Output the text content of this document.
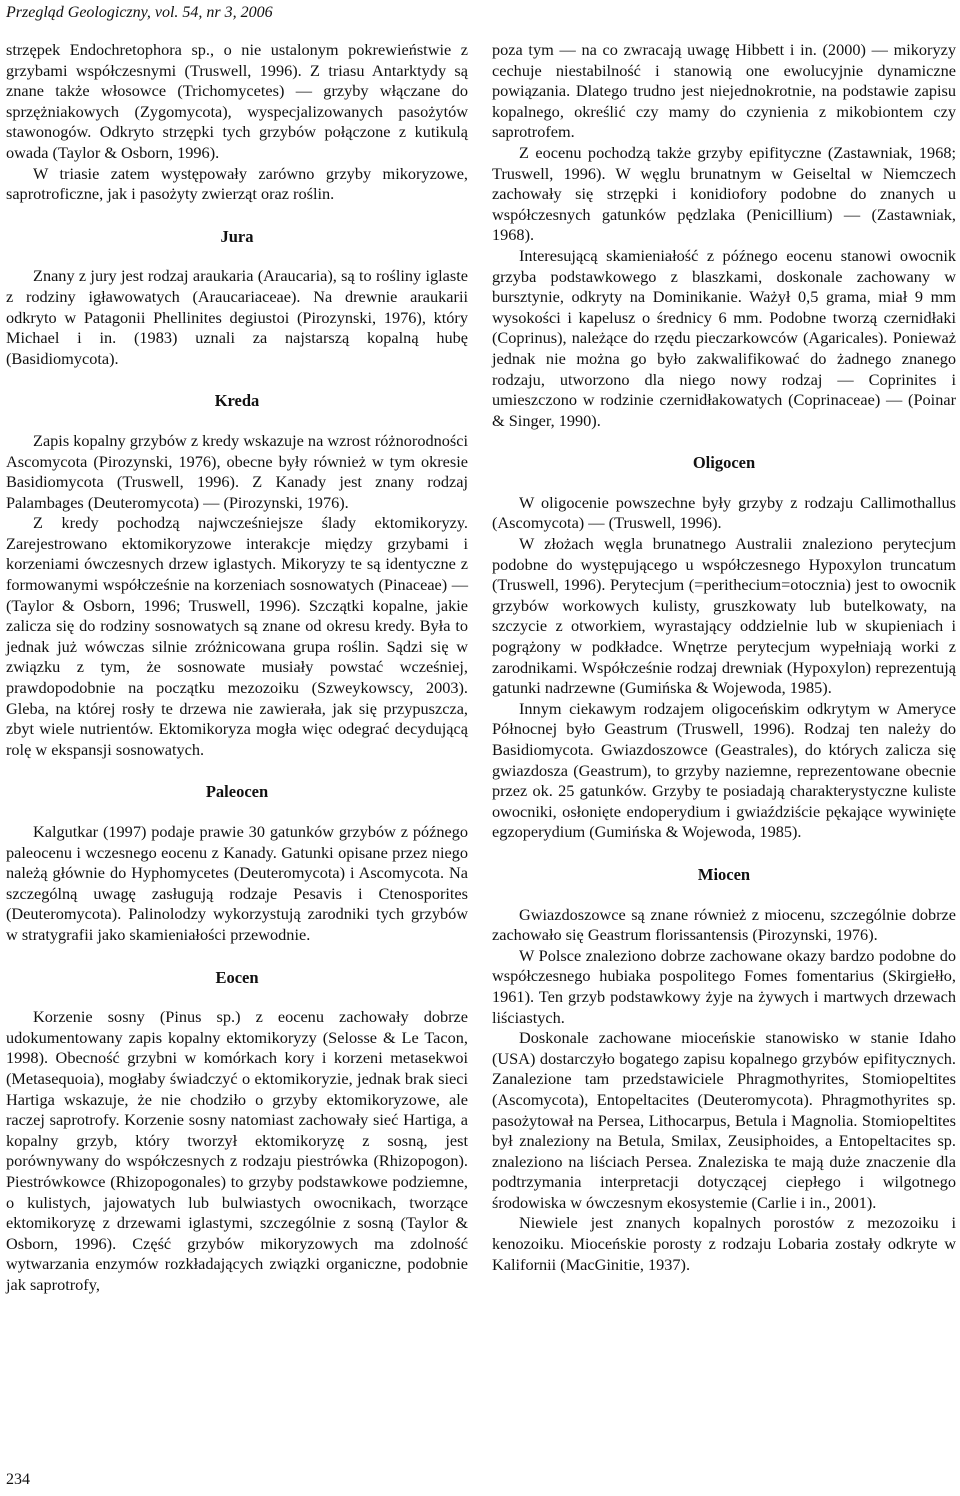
Przegląd Geologiczny, vol. 54, nr 3, 2006

strzępek Endochretophora sp., o nie ustalonym pokrewieństwie z grzybami współczesnymi (Truswell, 1996). Z triasu Antarktydy są znane także włosowce (Trichomycetes) — grzyby włączane do sprzężniakowych (Zygomycota), wyspecjalizowanych pasożytów stawonogów. Odkryto strzępki tych grzybów połączone z kutikulą owada (Taylor & Osborn, 1996).

W triasie zatem występowały zarówno grzyby mikoryzowe, saprotroficzne, jak i pasożyty zwierząt oraz roślin.

Jura

Znany z jury jest rodzaj araukaria (Araucaria), są to rośliny iglaste z rodziny igławowatych (Araucariaceae). Na drewnie araukarii odkryto w Patagonii Phellinites degiustoi (Pirozynski, 1976), który Michael i in. (1983) uznali za najstarszą kopalną hubę (Basidiomycota).

Kreda

Zapis kopalny grzybów z kredy wskazuje na wzrost różnorodności Ascomycota (Pirozynski, 1976), obecne były również w tym okresie Basidiomycota (Truswell, 1996). Z Kanady jest znany rodzaj Palambages (Deuteromycota) — (Pirozynski, 1976).

Z kredy pochodzą najwcześniejsze ślady ektomikoryzy. Zarejestrowano ektomikoryzowe interakcje między grzybami i korzeniami ówczesnych drzew iglastych. Mikoryzy te są identyczne z formowanymi współcześnie na korzeniach sosnowatych (Pinaceae) — (Taylor & Osborn, 1996; Truswell, 1996). Szczątki kopalne, jakie zalicza się do rodziny sosnowatych są znane od okresu kredy. Była to jednak już wówczas silnie zróżnicowana grupa roślin. Sądzi się w związku z tym, że sosnowate musiały powstać wcześniej, prawdopodobnie na początku mezozoiku (Szweykowscy, 2003). Gleba, na której rosły te drzewa nie zawierała, jak się przypuszcza, zbyt wiele nutrientów. Ektomikoryza mogła więc odegrać decydującą rolę w ekspansji sosnowatych.

Paleocen

Kalgutkar (1997) podaje prawie 30 gatunków grzybów z późnego paleocenu i wczesnego eocenu z Kanady. Gatunki opisane przez niego należą głównie do Hyphomycetes (Deuteromycota) i Ascomycota. Na szczególną uwagę zasługują rodzaje Pesavis i Ctenosporites (Deuteromycota). Palinolodzy wykorzystują zarodniki tych grzybów w stratygrafii jako skamieniałości przewodnie.

Eocen

Korzenie sosny (Pinus sp.) z eocenu zachowały dobrze udokumentowany zapis kopalny ektomikoryzy (Selosse & Le Tacon, 1998). Obecność grzybni w komórkach kory i korzeni metasekwoi (Metasequoia), mogłaby świadczyć o ektomikoryzie, jednak brak sieci Hartiga wskazuje, że nie chodziło o grzyby ektomikoryzowe, ale raczej saprotrofy. Korzenie sosny natomiast zachowały sieć Hartiga, a kopalny grzyb, który tworzył ektomikoryzę z sosną, jest porównywany do współczesnych z rodzaju piestrówka (Rhizopogon). Piestrówkowce (Rhizopogonales) to grzyby podstawkowe podziemne, o kulistych, jajowatych lub bulwiastych owocnikach, tworzące ektomikoryzę z drzewami iglastymi, szczególnie z sosną (Taylor & Osborn, 1996). Część grzybów mikoryzowych ma zdolność wytwarzania enzymów rozkładających związki organiczne, podobnie jak saprotrofy,

poza tym — na co zwracają uwagę Hibbett i in. (2000) — mikoryzy cechuje niestabilność i stanowią one ewolucyjnie dynamiczne powiązania. Dlatego trudno jest niejednokrotnie, na podstawie zapisu kopalnego, określić czy mamy do czynienia z mikobiontem czy saprotrofem.

Z eocenu pochodzą także grzyby epifityczne (Zastawniak, 1968; Truswell, 1996). W węglu brunatnym w Geiseltal w Niemczech zachowały się strzępki i konidiofory podobne do znanych u współczesnych gatunków pędzlaka (Penicillium) — (Zastawniak, 1968).

Interesującą skamieniałość z późnego eocenu stanowi owocnik grzyba podstawkowego z blaszkami, doskonale zachowany w bursztynie, odkryty na Dominikanie. Ważył 0,5 grama, miał 9 mm wysokości i kapelusz o średnicy 6 mm. Podobne tworzą czernidłaki (Coprinus), należące do rzędu pieczarkowców (Agaricales). Ponieważ jednak nie można go było zakwalifikować do żadnego znanego rodzaju, utworzono dla niego nowy rodzaj — Coprinites i umieszczono w rodzinie czernidłakowatych (Coprinaceae) — (Poinar & Singer, 1990).

Oligocen

W oligocenie powszechne były grzyby z rodzaju Callimothallus (Ascomycota) — (Truswell, 1996).

W złożach węgla brunatnego Australii znaleziono perytecjum podobne do występującego u współczesnego Hypoxylon truncatum (Truswell, 1996). Perytecjum (=perithecium=otocznia) jest to owocnik grzybów workowych kulisty, gruszkowaty lub butelkowaty, na szczycie z otworkiem, wyrastający oddzielnie lub w skupieniach i pogrążony w podkładce. Wnętrze perytecjum wypełniają worki z zarodnikami. Współcześnie rodzaj drewniak (Hypoxylon) reprezentują gatunki nadrzewne (Gumińska & Wojewoda, 1985).

Innym ciekawym rodzajem oligoceńskim odkrytym w Ameryce Północnej było Geastrum (Truswell, 1996). Rodzaj ten należy do Basidiomycota. Gwiazdoszowce (Geastrales), do których zalicza się gwiazdosza (Geastrum), to grzyby naziemne, reprezentowane obecnie przez ok. 25 gatunków. Grzyby te posiadają charakterystyczne kuliste owocniki, osłonięte endoperydium i gwiaździście pękające wywinięte egzoperydium (Gumińska & Wojewoda, 1985).

Miocen

Gwiazdoszowce są znane również z miocenu, szczególnie dobrze zachowało się Geastrum florissantensis (Pirozynski, 1976).

W Polsce znaleziono dobrze zachowane okazy bardzo podobne do współczesnego hubiaka pospolitego Fomes fomentarius (Skirgiełło, 1961). Ten grzyb podstawkowy żyje na żywych i martwych drzewach liściastych.

Doskonale zachowane mioceńskie stanowisko w stanie Idaho (USA) dostarczyło bogatego zapisu kopalnego grzybów epifitycznych. Zanalezione tam przedstawiciele Phragmothyrites, Stomiopeltites (Ascomycota), Entopeltacites (Deuteromycota). Phragmothyrites sp. pasożytował na Persea, Lithocarpus, Betula i Magnolia. Stomiopeltites był znaleziony na Betula, Smilax, Zeusiphoides, a Entopeltacites sp. znaleziono na liściach Persea. Znaleziska te mają duże znaczenie dla podtrzymania interpretacji dotyczącej ciepłego i wilgotnego środowiska w ówczesnym ekosystemie (Carlie i in., 2001).

Niewiele jest znanych kopalnych porostów z mezozoiku i kenozoiku. Mioceńskie porosty z rodzaju Lobaria zostały odkryte w Kalifornii (MacGinitie, 1937).

234
